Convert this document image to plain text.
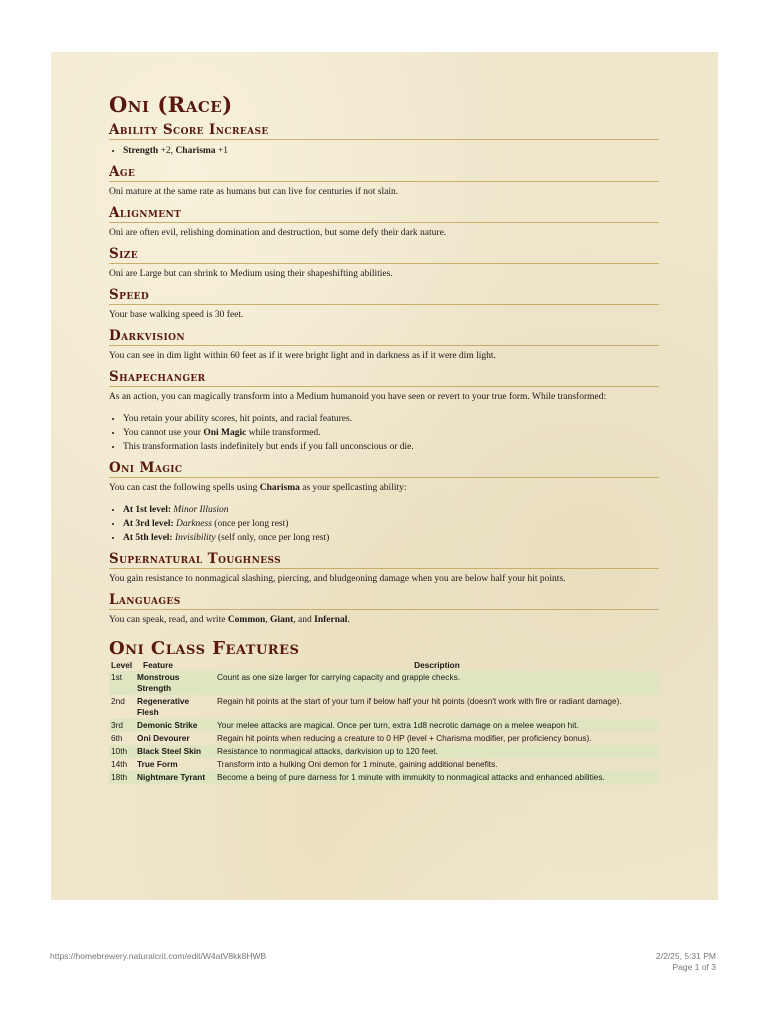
Oni (Race)
Ability Score Increase
• Strength +2, Charisma +1
Age

Oni mature at the same rate as humans but can live for centuries if not slain.

Alignment

Oni are often evil, relishing domination and destruction, but some defy their dark nature.

Size

Oni are Large but can shrink to Medium using their shapeshifting abilities.

Speed

Your base walking speed is 30 feet.

Darkvision

You can see in dim light within 60 feet as if it were bright light and in darkness as if it were dim light.

Shapechanger

As an action, you can magically transform into a Medium humanoid you have seen or revert to your true form. While transformed:

• You retain your ability scores, hit points, and racial features.
• You cannot use your Oni Magic while transformed.
• This transformation lasts indefinitely but ends if you fall unconscious or die.
Oni Magic

You can cast the following spells using Charisma as your spellcasting ability:

• At 1st level: Minor Illusion
• At 3rd level: Darkness (once per long rest)
• At 5th level: Invisibility (self only, once per long rest)
Supernatural Toughness

You gain resistance to nonmagical slashing, piercing, and bludgeoning damage when you are below half your hit points.

Languages

You can speak, read, and write Common, Giant, and Infernal.

Oni Class Features
Level	Feature	Description
1st	Monstrous Strength	Count as one size larger for carrying capacity and grapple checks.
2nd	Regenerative Flesh	Regain hit points at the start of your turn if below half your hit points (doesn't work with fire or radiant damage).
3rd	Demonic Strike	Your melee attacks are magical. Once per turn, extra 1d8 necrotic damage on a melee weapon hit.
6th	Oni Devourer	Regain hit points when reducing a creature to 0 HP (level + Charisma modifier, per proficiency bonus).
10th	Black Steel Skin	Resistance to nonmagical attacks, darkvision up to 120 feet.
14th	True Form	Transform into a hulking Oni demon for 1 minute, gaining additional benefits.
18th	Nightmare Tyrant	Become a being of pure darness for 1 minute with immukity to nonmagical attacks and enhanced abilities.
https://homebrewery.naturalcrit.com/edit/W4atV8kk8HWB	2/2/25, 5:31 PM
Page 1 of 3
